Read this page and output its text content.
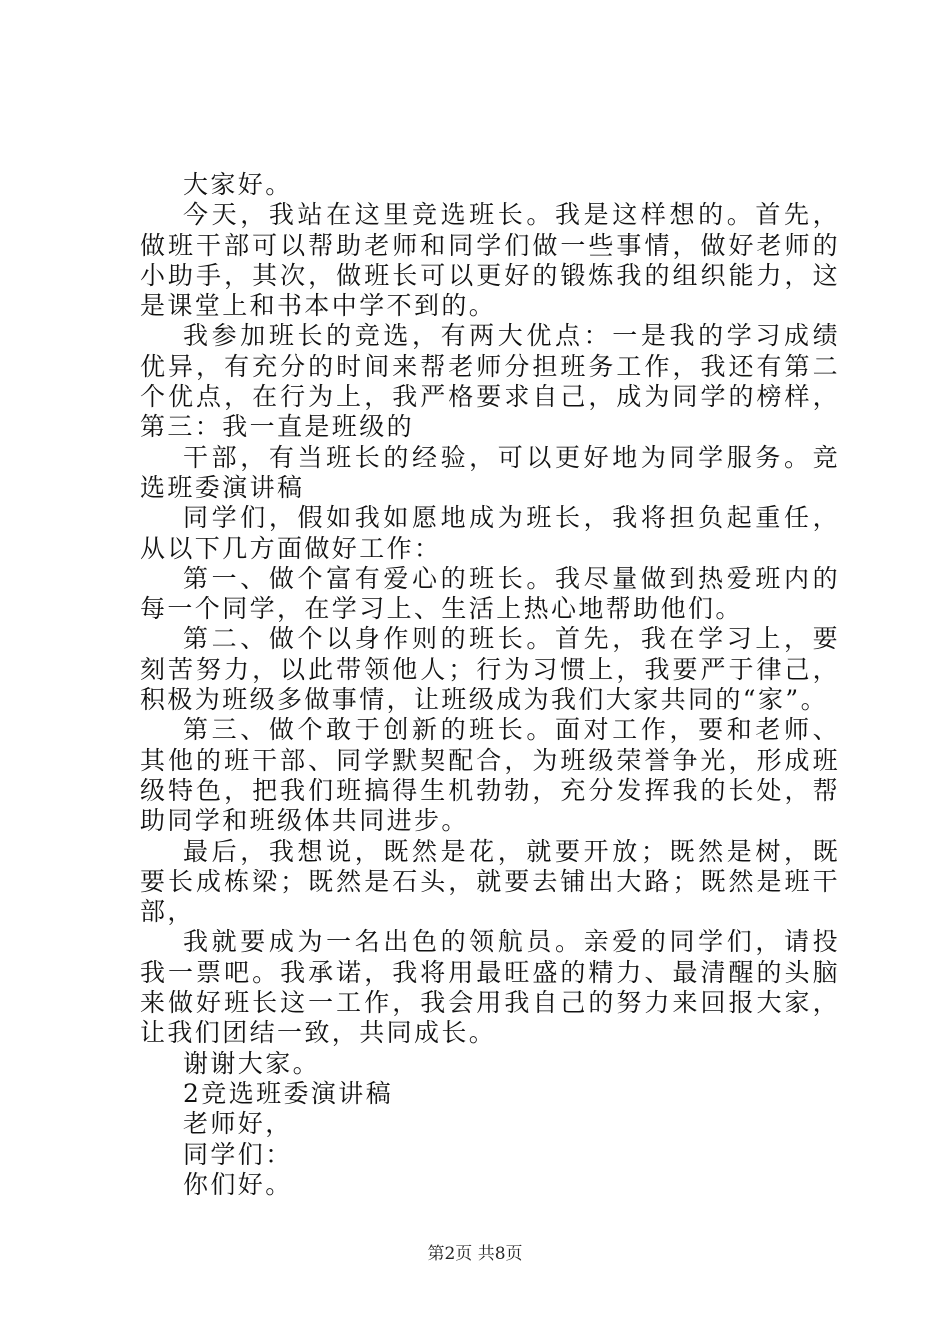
大家好。

今天，我站在这里竞选班长。我是这样想的。首先，做班干部可以帮助老师和同学们做一些事情，做好老师的小助手，其次，做班长可以更好的锻炼我的组织能力，这是课堂上和书本中学不到的。

我参加班长的竞选，有两大优点：一是我的学习成绩优异，有充分的时间来帮老师分担班务工作，我还有第二个优点，在行为上，我严格要求自己，成为同学的榜样，第三：我一直是班级的

干部，有当班长的经验，可以更好地为同学服务。竞选班委演讲稿

同学们，假如我如愿地成为班长，我将担负起重任，从以下几方面做好工作：

第一、做个富有爱心的班长。我尽量做到热爱班内的每一个同学，在学习上、生活上热心地帮助他们。

第二、做个以身作则的班长。首先，我在学习上，要刻苦努力，以此带领他人；行为习惯上，我要严于律己，积极为班级多做事情，让班级成为我们大家共同的“家”。

第三、做个敢于创新的班长。面对工作，要和老师、其他的班干部、同学默契配合，为班级荣誉争光，形成班级特色，把我们班搞得生机勃勃，充分发挥我的长处，帮助同学和班级体共同进步。

最后，我想说，既然是花，就要开放；既然是树，既要长成栋梁；既然是石头，就要去铺出大路；既然是班干部，

我就要成为一名出色的领航员。亲爱的同学们，请投我一票吧。我承诺，我将用最旺盛的精力、最清醒的头脑来做好班长这一工作，我会用我自己的努力来回报大家，让我们团结一致，共同成长。

谢谢大家。

2竞选班委演讲稿

老师好，

同学们：

你们好。

第2页 共8页
